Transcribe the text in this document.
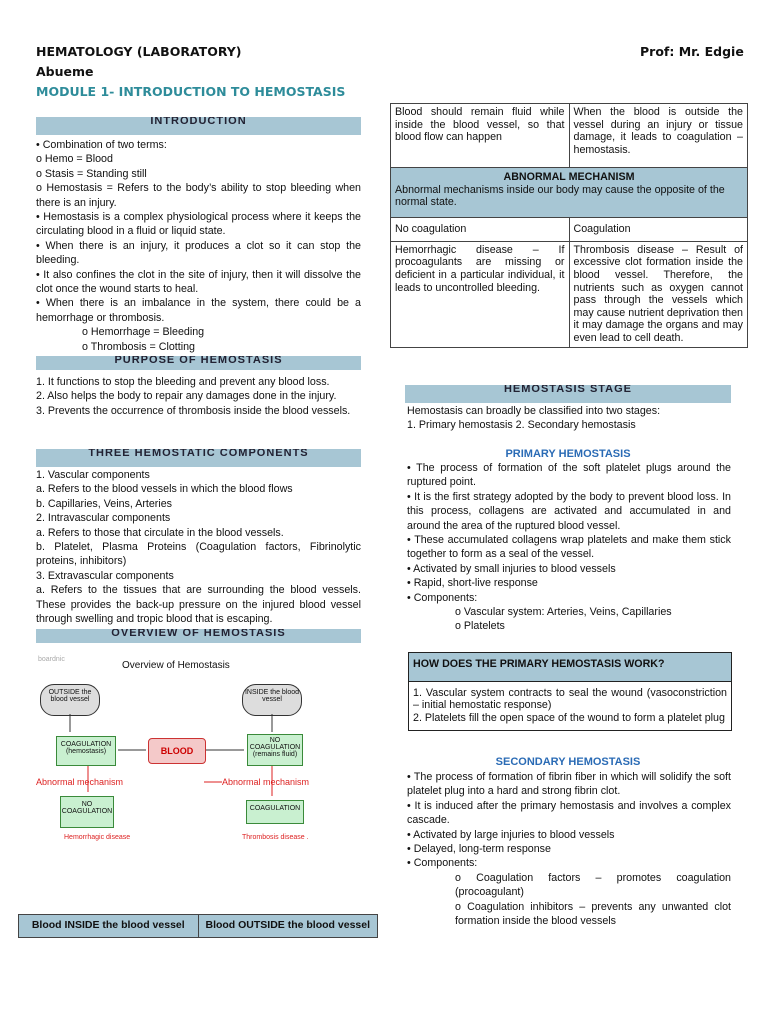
HEMATOLOGY (LABORATORY)	Prof: Mr. Edgie
Abueme
MODULE 1- INTRODUCTION TO HEMOSTASIS
INTRODUCTION
• Combination of two terms:
o Hemo = Blood
o Stasis = Standing still
o Hemostasis = Refers to the body’s ability to stop bleeding when there is an injury.
• Hemostasis is a complex physiological process where it keeps the circulating blood in a fluid or liquid state.
• When there is an injury, it produces a clot so it can stop the bleeding.
• It also confines the clot in the site of injury, then it will dissolve the clot once the wound starts to heal.
• When there is an imbalance in the system, there could be a hemorrhage or thrombosis.
o Hemorrhage = Bleeding
o Thrombosis = Clotting
PURPOSE OF HEMOSTASIS
1. It functions to stop the bleeding and prevent any blood loss.
2. Also helps the body to repair any damages done in the injury.
3. Prevents the occurrence of thrombosis inside the blood vessels.
THREE HEMOSTATIC COMPONENTS
1. Vascular components
a. Refers to the blood vessels in which the blood flows
b. Capillaries, Veins, Arteries
2. Intravascular components
a. Refers to those that circulate in the blood vessels.
b. Platelet, Plasma Proteins (Coagulation factors, Fibrinolytic proteins, inhibitors)
3. Extravascular components
a. Refers to the tissues that are surrounding the blood vessels. These provides the back-up pressure on the injured blood vessel through swelling and tropic blood that is escaping.
OVERVIEW OF HEMOSTASIS
boardnic
Overview of Hemostasis
OUTSIDE the blood vessel
INSIDE the blood vessel
COAGULATION (hemostasis)	BLOOD
NO COAGULATION (remains fluid)
Abnormal mechanism	Abnormal mechanism
NO COAGULATION	COAGULATION
Hemorrhagic disease	Thrombosis disease .
Blood INSIDE the blood vessel	Blood OUTSIDE the blood vessel
Blood should remain fluid while inside the blood vessel, so that blood flow can happen	When the blood is outside the vessel during an injury or tissue damage, it leads to coagulation – hemostasis.

ABNORMAL MECHANISM
Abnormal mechanisms inside our body may cause the opposite of the normal state.	

No coagulation	Coagulation
Hemorrhagic disease – If procoagulants are missing or deficient in a particular individual, it leads to uncontrolled bleeding.	Thrombosis disease – Result of excessive clot formation inside the blood vessel. Therefore, the nutrients such as oxygen cannot pass through the vessels which may cause nutrient deprivation then it may damage the organs and may even lead to cell death.
HEMOSTASIS STAGE
Hemostasis can broadly be classified into two stages:
1. Primary hemostasis 2. Secondary hemostasis
PRIMARY HEMOSTASIS
• The process of formation of the soft platelet plugs around the ruptured point.
• It is the first strategy adopted by the body to prevent blood loss. In this process, collagens are activated and accumulated in and around the area of the ruptured blood vessel.
• These accumulated collagens wrap platelets and make them stick together to form as a seal of the vessel.
• Activated by small injuries to blood vessels
• Rapid, short-live response
• Components:
o Vascular system: Arteries, Veins, Capillaries
o Platelets
HOW DOES THE PRIMARY HEMOSTASIS WORK?

1. Vascular system contracts to seal the wound (vasoconstriction – initial hemostatic response)
2. Platelets fill the open space of the wound to form a platelet plug
SECONDARY HEMOSTASIS
• The process of formation of fibrin fiber in which will solidify the soft platelet plug into a hard and strong fibrin clot.
• It is induced after the primary hemostasis and involves a complex cascade.
• Activated by large injuries to blood vessels
• Delayed, long-term response
• Components:
o Coagulation factors – promotes coagulation (procoagulant)
o Coagulation inhibitors – prevents any unwanted clot formation inside the blood vessels
